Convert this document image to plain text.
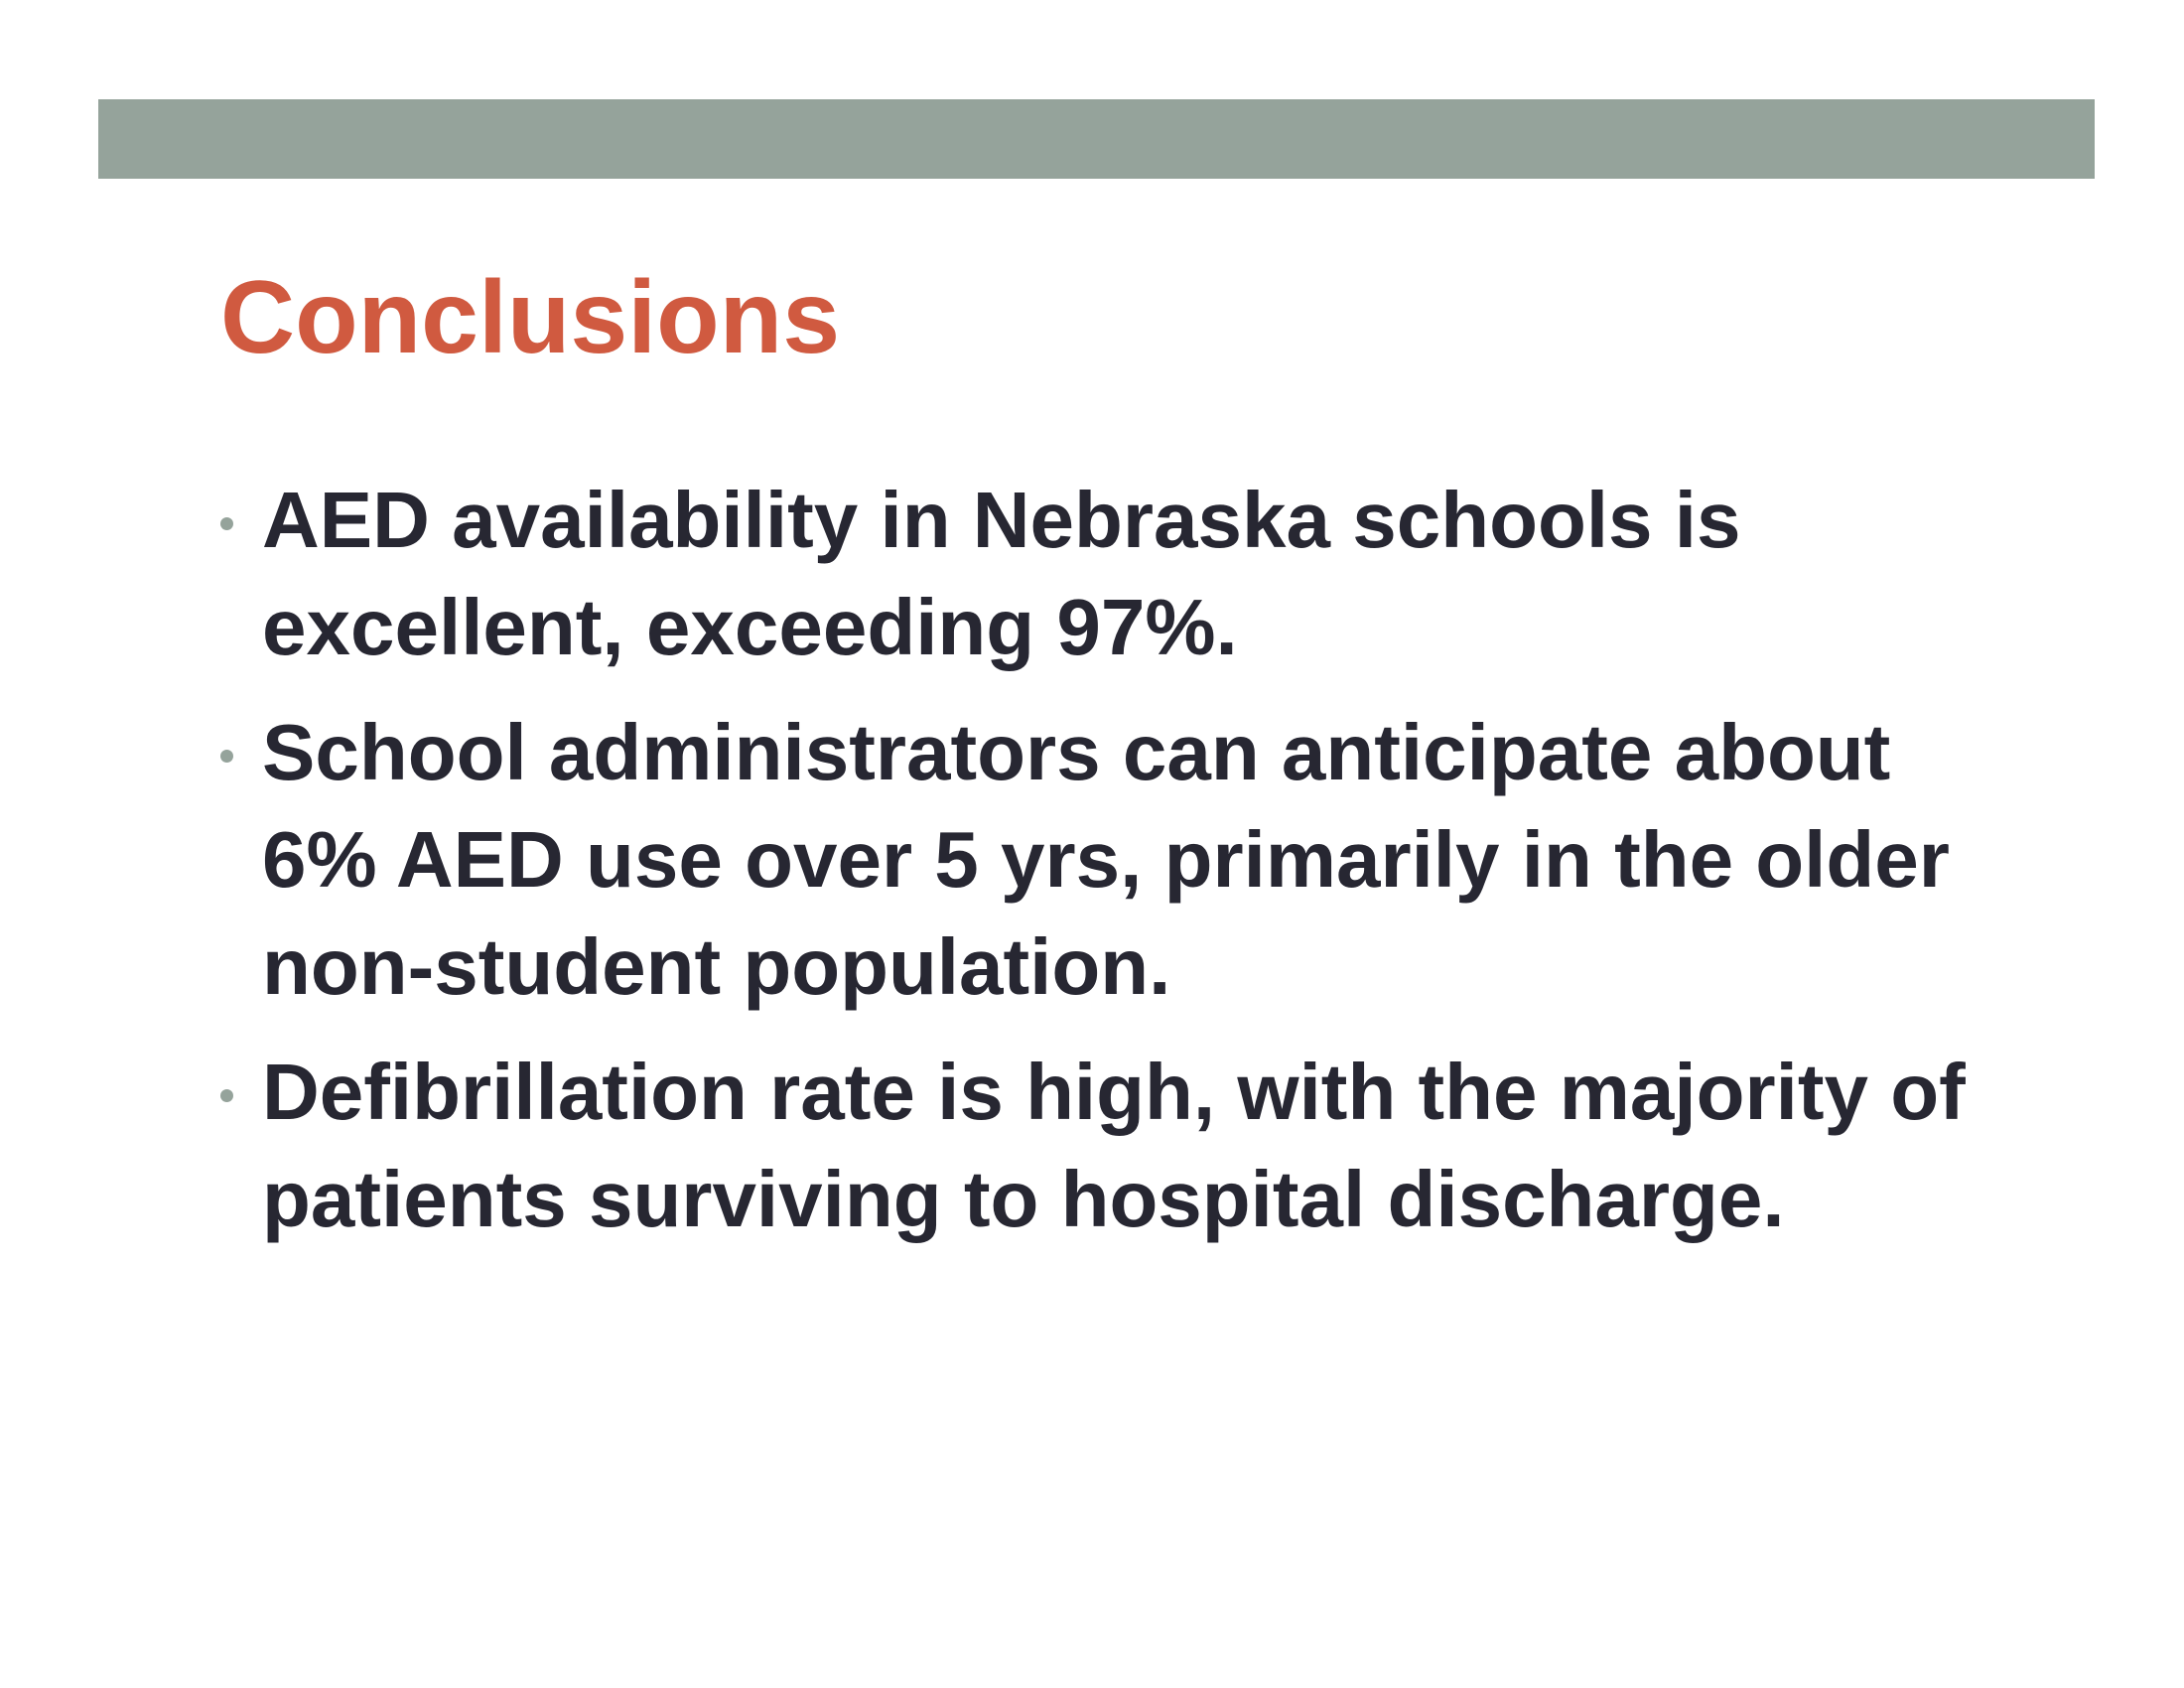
Conclusions
AED availability in Nebraska schools is excellent, exceeding 97%.
School administrators can anticipate about 6% AED use over 5 yrs, primarily in the older non-student population.
Defibrillation rate is high, with the majority of patients surviving to hospital discharge.
